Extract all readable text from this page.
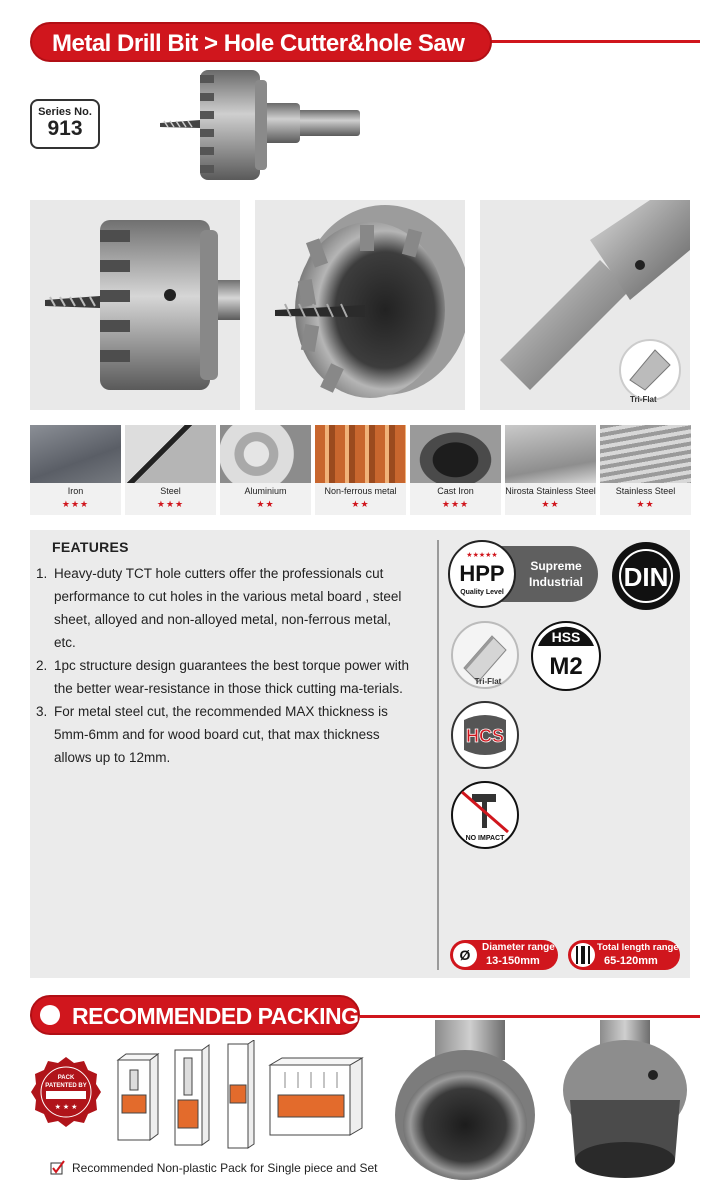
Metal Drill Bit > Hole Cutter&hole Saw
Series No.
913
Tri-Flat
Iron
★★★
Steel
★★★
Aluminium
★★
Non-ferrous metal
★★
Cast Iron
★★★
Nirosta Stainless Steel
★★
Stainless Steel
★★
FEATURES
1. Heavy-duty TCT hole cutters offer the professionals cut performance to cut holes in the various metal board , steel sheet, alloyed and non-alloyed metal, non-ferrous metal, etc.
2. 1pc structure design guarantees the best torque power with the better wear-resistance in those thick cutting ma-terials.
3. For metal steel cut, the recommended MAX thickness is 5mm-6mm and for wood board cut, that max thickness allows up to 12mm.
★★★★★
HPP
Quality Level
Supreme
Industrial DIN
Tri-Flat
HSS
M2
HCS
NO IMPACT
Ø	Diameter range
13-150mm
Total length range
65-120mm
RECOMMENDED PACKING
PACK
PATENTED BY
★ ★ ★
Recommended Non-plastic Pack for Single piece and Set
